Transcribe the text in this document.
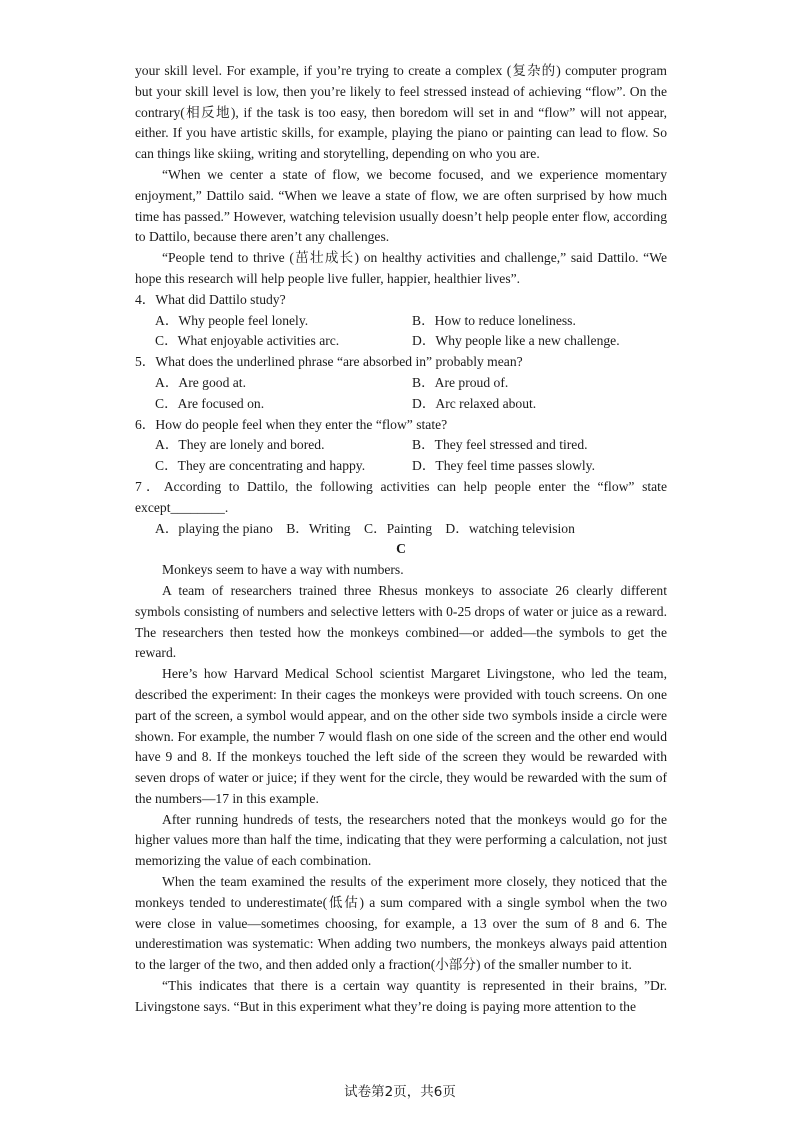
your skill level. For example, if you’re trying to create a complex (复杂的) computer program but your skill level is low, then you’re likely to feel stressed instead of achieving “flow”. On the contrary(相反地), if the task is too easy, then boredom will set in and “flow” will not appear, either. If you have artistic skills, for example, playing the piano or painting can lead to flow. So can things like skiing, writing and storytelling, depending on who you are.

“When we center a state of flow, we become focused, and we experience momentary enjoyment,” Dattilo said. “When we leave a state of flow, we are often surprised by how much time has passed.” However, watching television usually doesn’t help people enter flow, according to Dattilo, because there aren’t any challenges.

“People tend to thrive (茁壮成长) on healthy activities and challenge,” said Dattilo. “We hope this research will help people live fuller, happier, healthier lives”.

4．What did Dattilo study?

A．Why people feel lonely.	B．How to reduce loneliness.
C．What enjoyable activities arc.	D．Why people like a new challenge.

5．What does the underlined phrase “are absorbed in” probably mean?

A．Are good at.	B．Are proud of.
C．Are focused on.	D．Arc relaxed about.

6．How do people feel when they enter the “flow” state?

A．They are lonely and bored.	B．They feel stressed and tired.
C．They are concentrating and happy.	D．They feel time passes slowly.

7．According to Dattilo, the following activities can help people enter the “flow” state except________.

A．playing the piano B．Writing C．Painting D．watching television

C

Monkeys seem to have a way with numbers.

A team of researchers trained three Rhesus monkeys to associate 26 clearly different symbols consisting of numbers and selective letters with 0-25 drops of water or juice as a reward. The researchers then tested how the monkeys combined—or added—the symbols to get the reward.

Here’s how Harvard Medical School scientist Margaret Livingstone, who led the team, described the experiment: In their cages the monkeys were provided with touch screens. On one part of the screen, a symbol would appear, and on the other side two symbols inside a circle were shown. For example, the number 7 would flash on one side of the screen and the other end would have 9 and 8. If the monkeys touched the left side of the screen they would be rewarded with seven drops of water or juice; if they went for the circle, they would be rewarded with the sum of the numbers—17 in this example.

After running hundreds of tests, the researchers noted that the monkeys would go for the higher values more than half the time, indicating that they were performing a calculation, not just memorizing the value of each combination.

When the team examined the results of the experiment more closely, they noticed that the monkeys tended to underestimate(低估) a sum compared with a single symbol when the two were close in value—sometimes choosing, for example, a 13 over the sum of 8 and 6. The underestimation was systematic: When adding two numbers, the monkeys always paid attention to the larger of the two, and then added only a fraction(小部分) of the smaller number to it.

“This indicates that there is a certain way quantity is represented in their brains, ”Dr. Livingstone says. “But in this experiment what they’re doing is paying more attention to the

试卷第2页，共6页
